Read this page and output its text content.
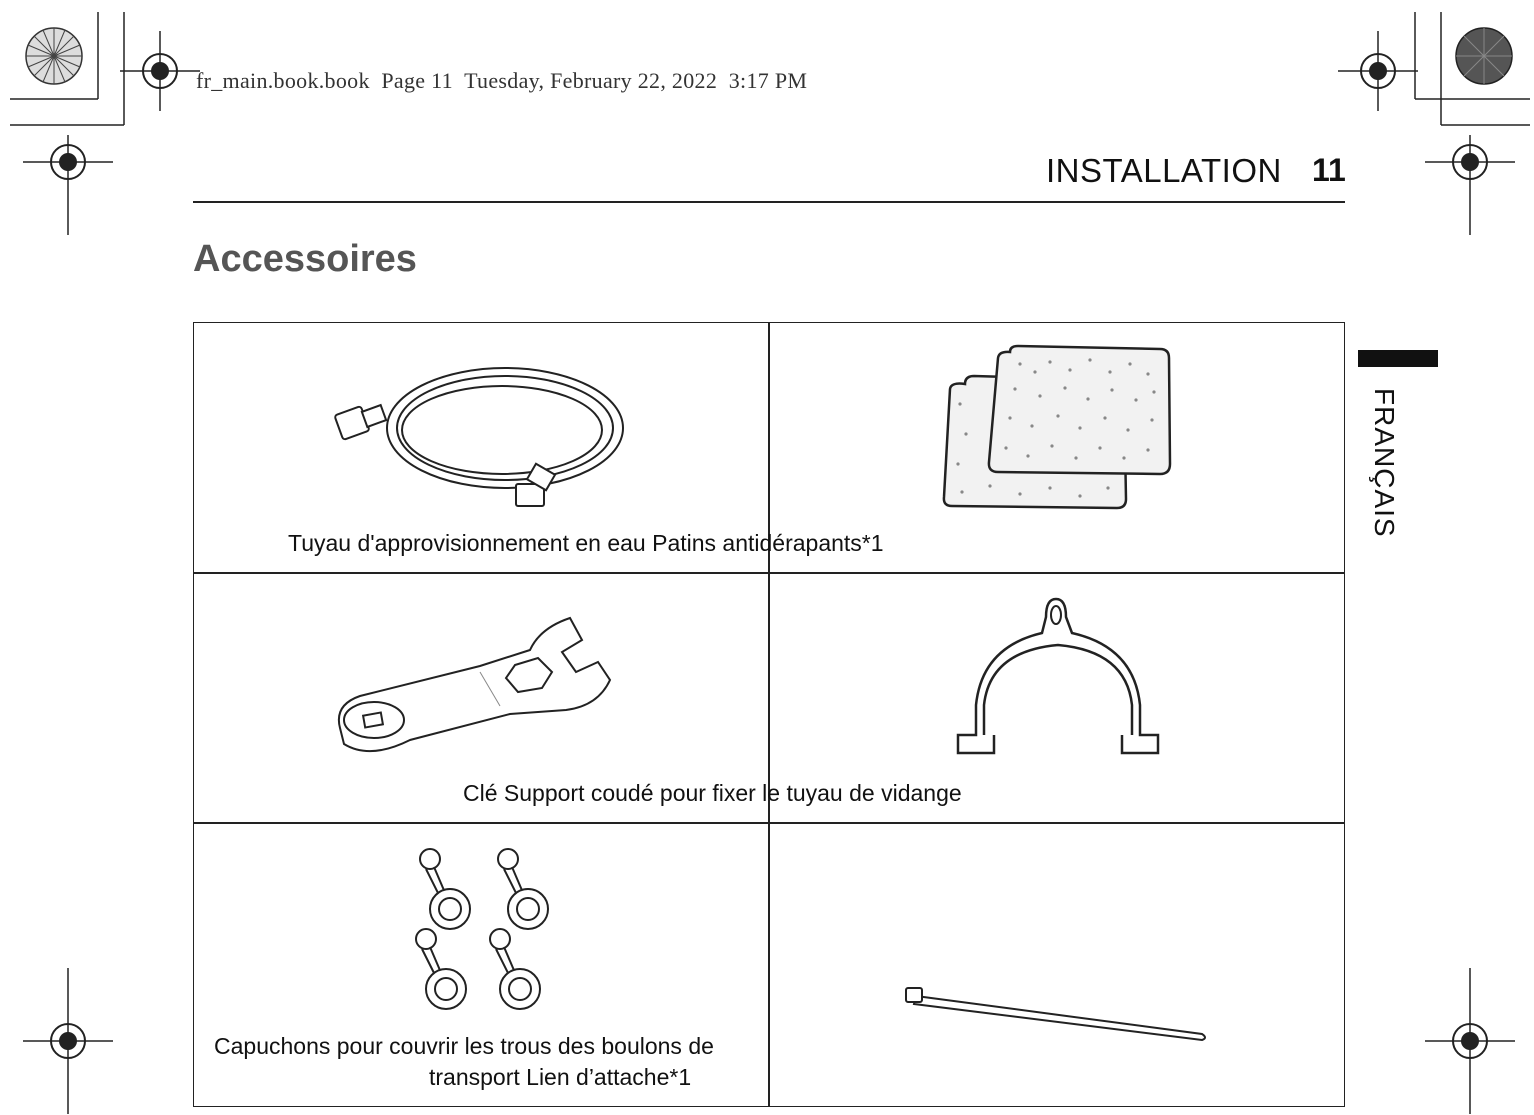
fr_main.book.book  Page 11  Tuesday, February 22, 2022  3:17 PM
INSTALLATION 11
Accessoires
FRANÇAIS
Tuyau d'approvisionnement en eau Patins antidérapants*1
Clé Support coudé pour fixer le tuyau de vidange
Capuchons pour couvrir les trous des boulons de
transport Lien d’attache*1
